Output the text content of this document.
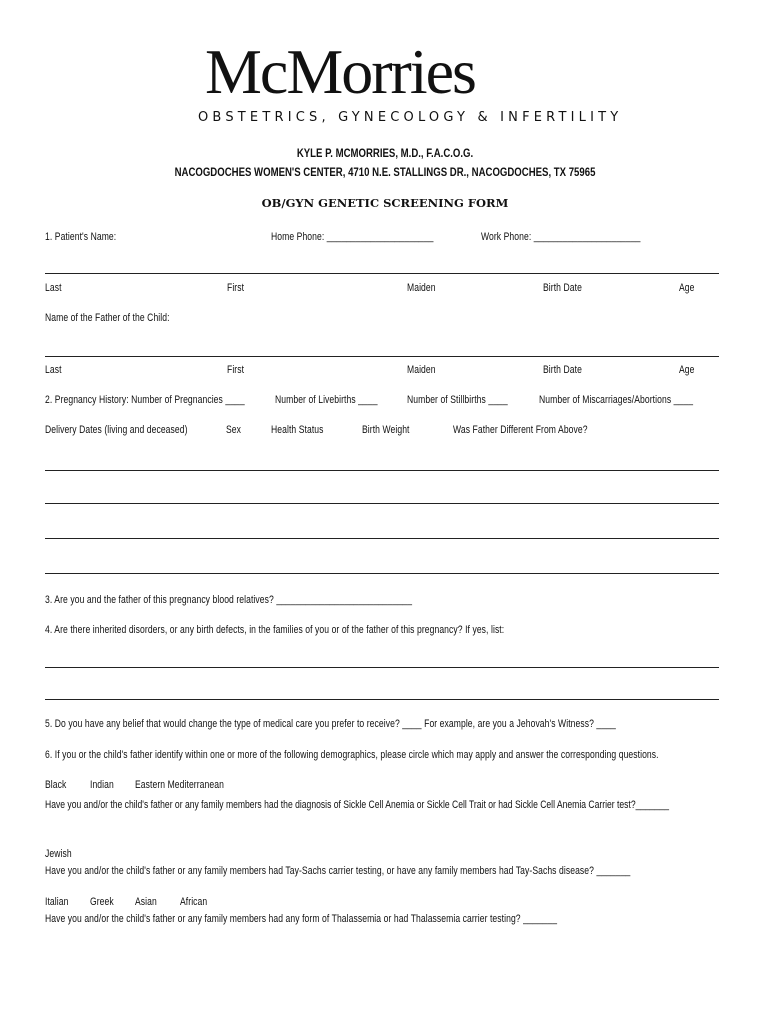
McMorries
OBSTETRICS, GYNECOLOGY & INFERTILITY
KYLE P. MCMORRIES, M.D., F.A.C.O.G.
NACOGDOCHES WOMEN'S CENTER, 4710 N.E. STALLINGS DR., NACOGDOCHES, TX 75965
OB/GYN GENETIC SCREENING FORM
1. Patient's Name:	Home Phone: ______________________	Work Phone: ______________________
Last	First	Maiden	Birth Date	Age
Name of the Father of the Child:
Last	First	Maiden	Birth Date	Age
2. Pregnancy History: Number of Pregnancies ____	Number of Livebirths ____	Number of Stillbirths ____	Number of Miscarriages/Abortions ____
Delivery Dates (living and deceased)	Sex	Health Status	Birth Weight	Was Father Different From Above?
3. Are you and the father of this pregnancy blood relatives? ____________________________
4. Are there inherited disorders, or any birth defects, in the families of you or of the father of this pregnancy? If yes, list:
5. Do you have any belief that would change the type of medical care you prefer to receive? ____ For example, are you a Jehovah's Witness? ____
6. If you or the child's father identify within one or more of the following demographics, please circle which may apply and answer the corresponding questions.
Black Indian Eastern Mediterranean
Have you and/or the child's father or any family members had the diagnosis of Sickle Cell Anemia or Sickle Cell Trait or had Sickle Cell Anemia Carrier test?_______
Jewish
Have you and/or the child's father or any family members had Tay-Sachs carrier testing, or have any family members had Tay-Sachs disease? _______
Italian Greek Asian African
Have you and/or the child's father or any family members had any form of Thalassemia or had Thalassemia carrier testing? _______
